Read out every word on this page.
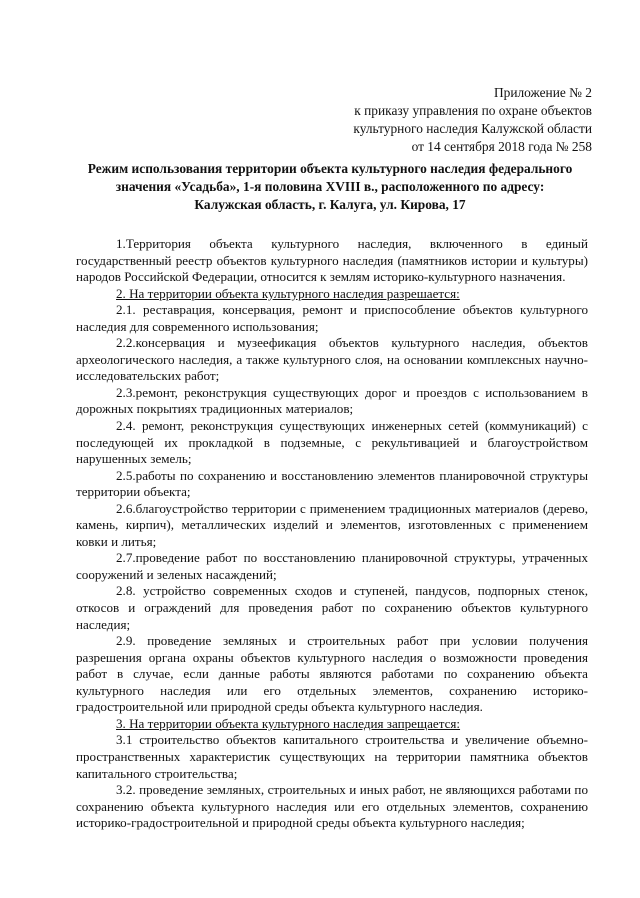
Приложение № 2
к приказу управления по охране объектов
культурного наследия Калужской области
от 14 сентября 2018 года № 258
Режим использования территории объекта культурного наследия федерального
значения «Усадьба», 1-я половина XVIII в., расположенного по адресу:
Калужская область, г. Калуга, ул. Кирова, 17

1.Территория объекта культурного наследия, включенного в единый государственный реестр объектов культурного наследия (памятников истории и культуры) народов Российской Федерации, относится к землям историко-культурного назначения.

2. На территории объекта культурного наследия разрешается:

2.1. реставрация, консервация, ремонт и приспособление объектов культурного наследия для современного использования;

2.2.консервация и музеефикация объектов культурного наследия, объектов археологического наследия, а также культурного слоя, на основании комплексных научно-исследовательских работ;

2.3.ремонт, реконструкция существующих дорог и проездов с использованием в дорожных покрытиях традиционных материалов;

2.4. ремонт, реконструкция существующих инженерных сетей (коммуникаций) с последующей их прокладкой в подземные, с рекультивацией и благоустройством нарушенных земель;

2.5.работы по сохранению и восстановлению элементов планировочной структуры территории объекта;

2.6.благоустройство территории с применением традиционных материалов (дерево, камень, кирпич), металлических изделий и элементов, изготовленных с применением ковки и литья;

2.7.проведение работ по восстановлению планировочной структуры, утраченных сооружений и зеленых насаждений;

2.8. устройство современных сходов и ступеней, пандусов, подпорных стенок, откосов и ограждений для проведения работ по сохранению объектов культурного наследия;

2.9. проведение земляных и строительных работ при условии получения разрешения органа охраны объектов культурного наследия о возможности проведения работ в случае, если данные работы являются работами по сохранению объекта культурного наследия или его отдельных элементов, сохранению историко-градостроительной или природной среды объекта культурного наследия.

3. На территории объекта культурного наследия запрещается:

3.1 строительство объектов капитального строительства и увеличение объемно-пространственных характеристик существующих на территории памятника объектов капитального строительства;

3.2. проведение земляных, строительных и иных работ, не являющихся работами по сохранению объекта культурного наследия или его отдельных элементов, сохранению историко-градостроительной и природной среды объекта культурного наследия;
